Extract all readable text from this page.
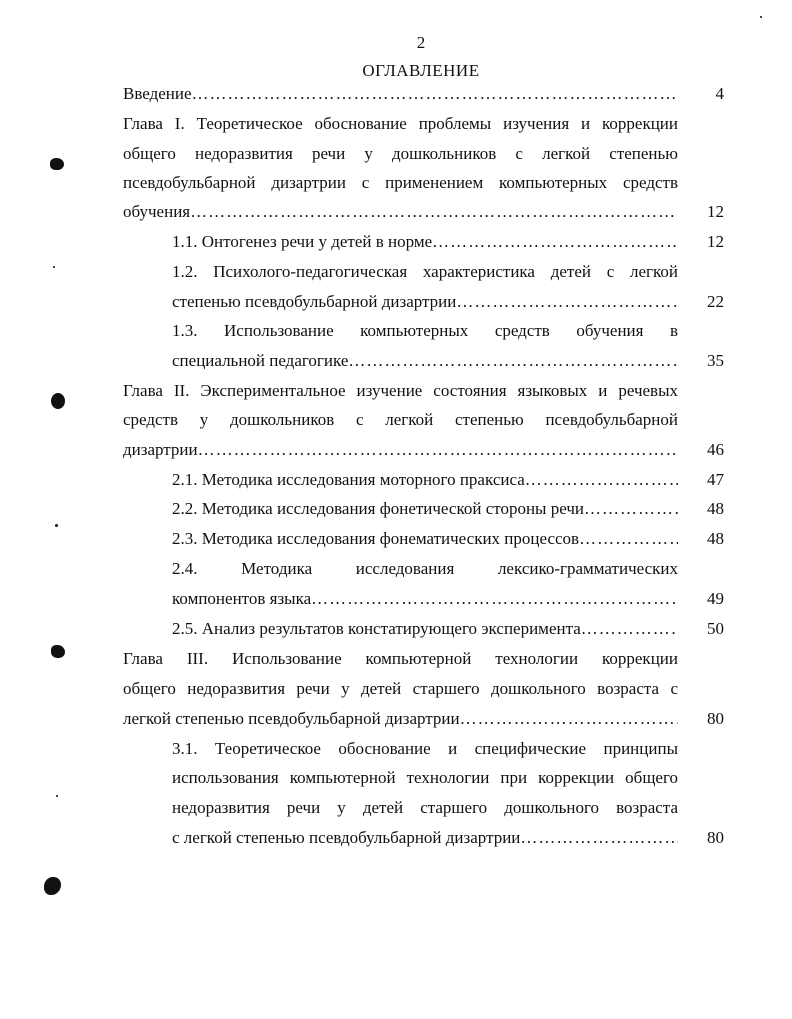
2
ОГЛАВЛЕНИЕ
Введение ……………………………………………………………………………………………………………………………………………………………………………………	4
Глава I. Теоретическое обоснование проблемы изучения и коррекции
общего недоразвития речи у дошкольников с легкой степенью
псевдобульбарной дизартрии с применением компьютерных средств
обучения ……………………………………………………………………………………………………………………………………………………………………………………	12
1.1. Онтогенез речи у детей в норме ……………………………………………………………………………………………………………………………………………………………………………………	12
1.2. Психолого-педагогическая характеристика детей с легкой
степенью псевдобульбарной дизартрии ……………………………………………………………………………………………………………………………………………………………………………………	22
1.3. Использование компьютерных средств обучения в
специальной педагогике ……………………………………………………………………………………………………………………………………………………………………………………	35
Глава II. Экспериментальное изучение состояния языковых и речевых
средств у дошкольников с легкой степенью псевдобульбарной
дизартрии ……………………………………………………………………………………………………………………………………………………………………………………	46
2.1. Методика исследования моторного праксиса ……………………………………………………………………………………………………………………………………………………………………………………	47
2.2. Методика исследования фонетической стороны речи ……………………………………………………………………………………………………………………………………………………………………………………	48
2.3. Методика исследования фонематических процессов ……………………………………………………………………………………………………………………………………………………………………………………	48
2.4. Методика исследования лексико-грамматических
компонентов языка ……………………………………………………………………………………………………………………………………………………………………………………	49
2.5. Анализ результатов констатирующего эксперимента ……………………………………………………………………………………………………………………………………………………………………………………	50
Глава III. Использование компьютерной технологии коррекции
общего недоразвития речи у детей старшего дошкольного возраста с
легкой степенью псевдобульбарной дизартрии ……………………………………………………………………………………………………………………………………………………………………………………	80
3.1. Теоретическое обоснование и специфические принципы
использования компьютерной технологии при коррекции общего
недоразвития речи у детей старшего дошкольного возраста
с легкой степенью псевдобульбарной дизартрии ……………………………………………………………………………………………………………………………………………………………………………………	80
